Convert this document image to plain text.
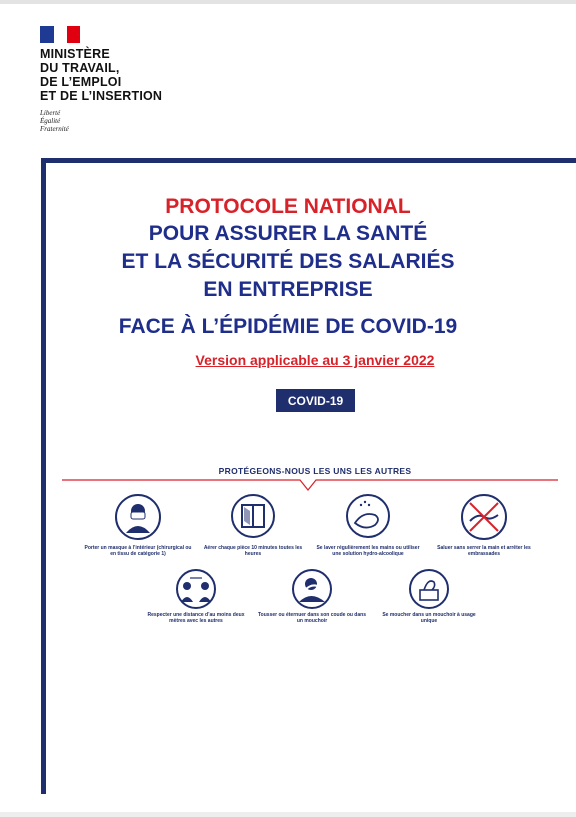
MINISTÈRE
DU TRAVAIL,
DE L’EMPLOI
ET DE L’INSERTION
Liberté
Égalité
Fraternité
PROTOCOLE NATIONAL
POUR ASSURER LA SANTÉ
ET LA SÉCURITÉ DES SALARIÉS
EN ENTREPRISE
FACE À L’ÉPIDÉMIE DE COVID-19
Version applicable au 3 janvier 2022
COVID-19
PROTÉGEONS-NOUS LES UNS LES AUTRES
Porter un masque à l’intérieur (chirurgical ou en tissu de catégorie 1)
Aérer chaque pièce 10 minutes toutes les heures
Se laver régulièrement les mains ou utiliser une solution hydro-alcoolique
Saluer sans serrer la main et arrêter les embrassades
Respecter une distance d’au moins deux mètres avec les autres
Tousser ou éternuer dans son coude ou dans un mouchoir
Se moucher dans un mouchoir à usage unique
